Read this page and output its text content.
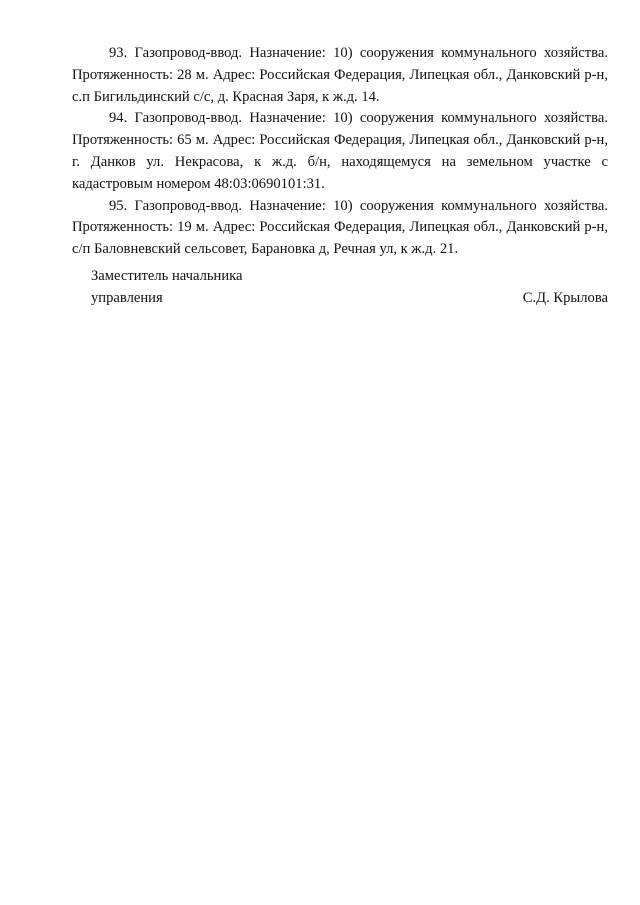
93. Газопровод-ввод. Назначение: 10) сооружения коммунального хозяйства. Протяженность: 28 м. Адрес: Российская Федерация, Липецкая обл., Данковский р-н, с.п Бигильдинский с/с, д. Красная Заря, к ж.д. 14.

94. Газопровод-ввод. Назначение: 10) сооружения коммунального хозяйства. Протяженность: 65 м. Адрес: Российская Федерация, Липецкая обл., Данковский р-н, г. Данков ул. Некрасова, к ж.д. б/н, находящемуся на земельном участке с кадастровым номером 48:03:0690101:31.

95. Газопровод-ввод. Назначение: 10) сооружения коммунального хозяйства. Протяженность: 19 м. Адрес: Российская Федерация, Липецкая обл., Данковский р-н, с/п Баловневский сельсовет, Барановка д, Речная ул, к ж.д. 21.

Заместитель начальника
управления	С.Д. Крылова
